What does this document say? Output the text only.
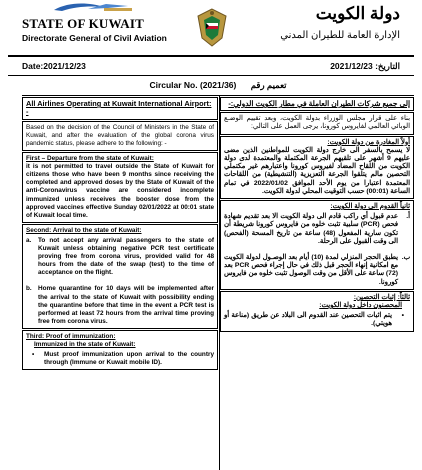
STATE OF KUWAIT
Directorate General of Civil Aviation
دولة الكويت
الإدارة العامة للطيران المدني
Date:2021/12/23	التاريخ: 2021/12/23
Circular No. (2021/36) تعميم رقم
All Airlines Operating at Kuwait International Airport: -
Based on the decision of the Council of Ministers in the State of Kuwait, and after the evaluation of the global corona virus pandemic status, please adhere to the following: -
First – Departure from the state of Kuwait:
it is not permitted to travel outside the State of Kuwait for citizens those who have been 9 months since receiving the completed and approved doses by the State of Kuwait of the anti-Coronavirus vaccine are considered incomplete immunized unless receives the booster dose from the approved vaccines effective Sunday 02/01/2022 at 00:01 state of Kuwait local time.
Second: Arrival to the state of Kuwait:
a.	To not accept any arrival passengers to the state of Kuwait unless obtaining negative PCR test certificate proving free from corona virus, provided valid for 48 hours from the date of the swap (test) to the time of acceptance on the flight.
b. Home quarantine for 10 days will be implemented after the arrival to the state of Kuwait with possibility ending the quarantine before that time in the event a PCR test is performed at least 72 hours from the arrival time proving free from corona virus.
Third: Proof of immunization:
Immunized in the state of Kuwait:
•	Must proof immunization upon arrival to the country through (Immune or Kuwait mobile ID).
إلى جميع شركات الطيران العاملة في مطار الكويت الدولي:-
بناء على قرار مجلس الوزراء بدولة الكويت، وبعد تقييم الوضـع الوبائي العالمي لفايروس كورونا، يرجى العمل على التالي:
أولاً المغادرة من دولة الكويت:
لا يسمح بالسفر الى خارج دولة الكويت للمواطنين الذين مضى عليهم 9 أشهر على تلقيهم الجرعة المكتملة والمعتمدة لدى دولة الكويت من اللقاح المضاد لفيروس كورونا واعتبارهم غير مكتملي التحصين مالم يتلقوا الجرعة التعزيزية (التنشيطية) من اللقاحات المعتمدة اعتبارا من يوم الأحد الموافق 2022/01/02 في تمام الساعة (00:01) حسب التوقيت المحلي لدولة الكويت.
ثانياً القدوم الى دولة الكويت:
أ.
عدم قبول أي راكب قادم الى دولة الكويت الا بعد تقديم شهادة فحص (PCR) سلبية تثبت خلوه من فايروس كورونا شريطة أن تكون سارية المفعول (48) ساعة من تاريخ المسحة (الفحص) الى وقت القبول على الرحلة.
ب.
يطبق الحجر المنزلي لمدة (10) أيام بعد الوصـول لدولة الكويت مع امكانية إنهاء الحجر قبل ذلك في حال إجراء فحص PCR بعد (72) ساعة على الأقل من وقت الوصول تثبت خلوه من فايروس كورونا.
ثالثاً: إثبات التحصين:
المحصنون داخل دولة الكويت:
•
يتم اثبات التحصين عند القدوم الى البلاد عن طريق (مناعة أو هويتي).
